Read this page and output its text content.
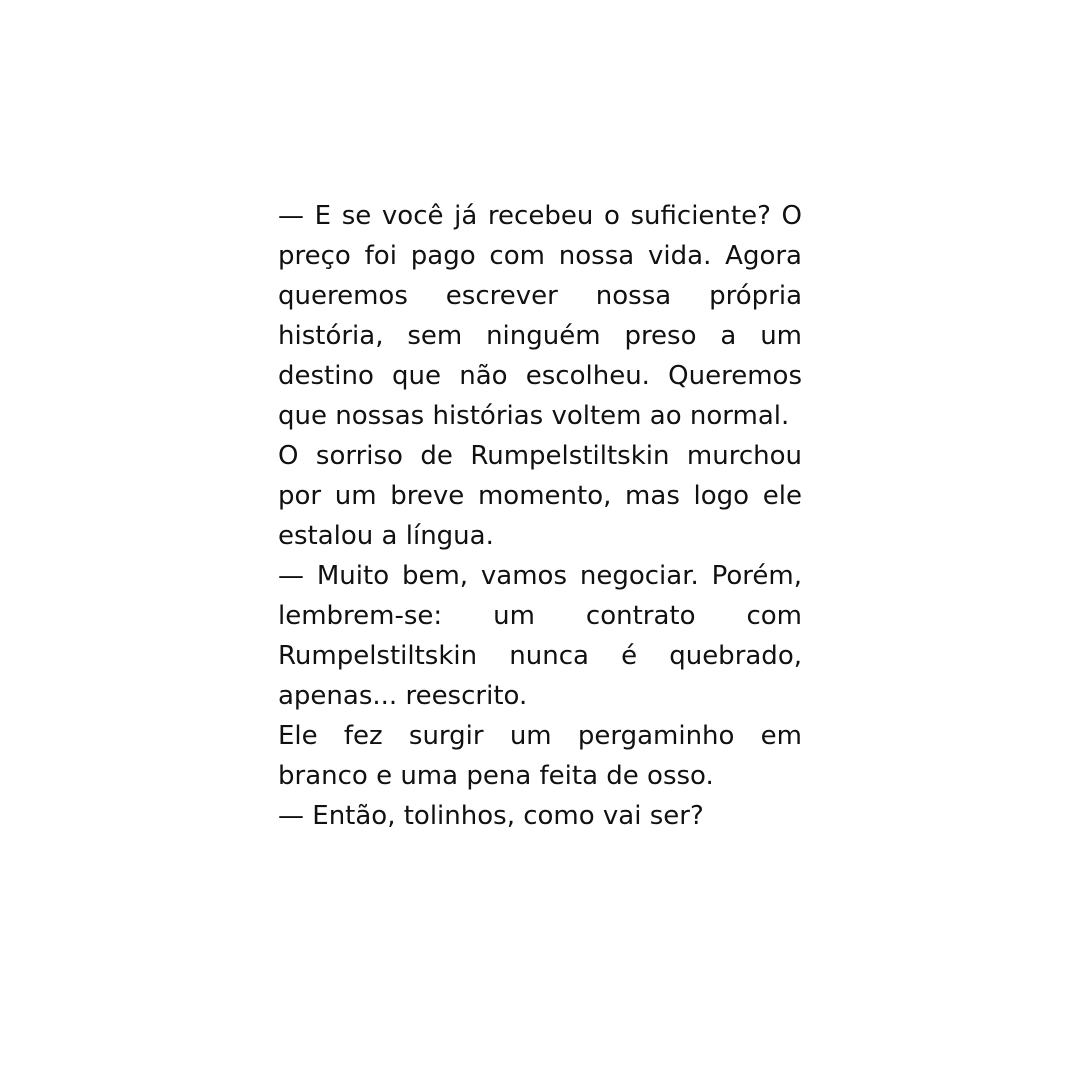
— E se você já recebeu o suficiente? O preço foi pago com nossa vida. Agora queremos escrever nossa própria história, sem ninguém preso a um destino que não escolheu. Queremos que nossas histórias voltem ao normal.

O sorriso de Rumpelstiltskin murchou por um breve momento, mas logo ele estalou a língua.

— Muito bem, vamos negociar. Porém, lembrem-se: um contrato com Rumpelstiltskin nunca é quebrado, apenas... reescrito.

Ele fez surgir um pergaminho em branco e uma pena feita de osso.

— Então, tolinhos, como vai ser?
